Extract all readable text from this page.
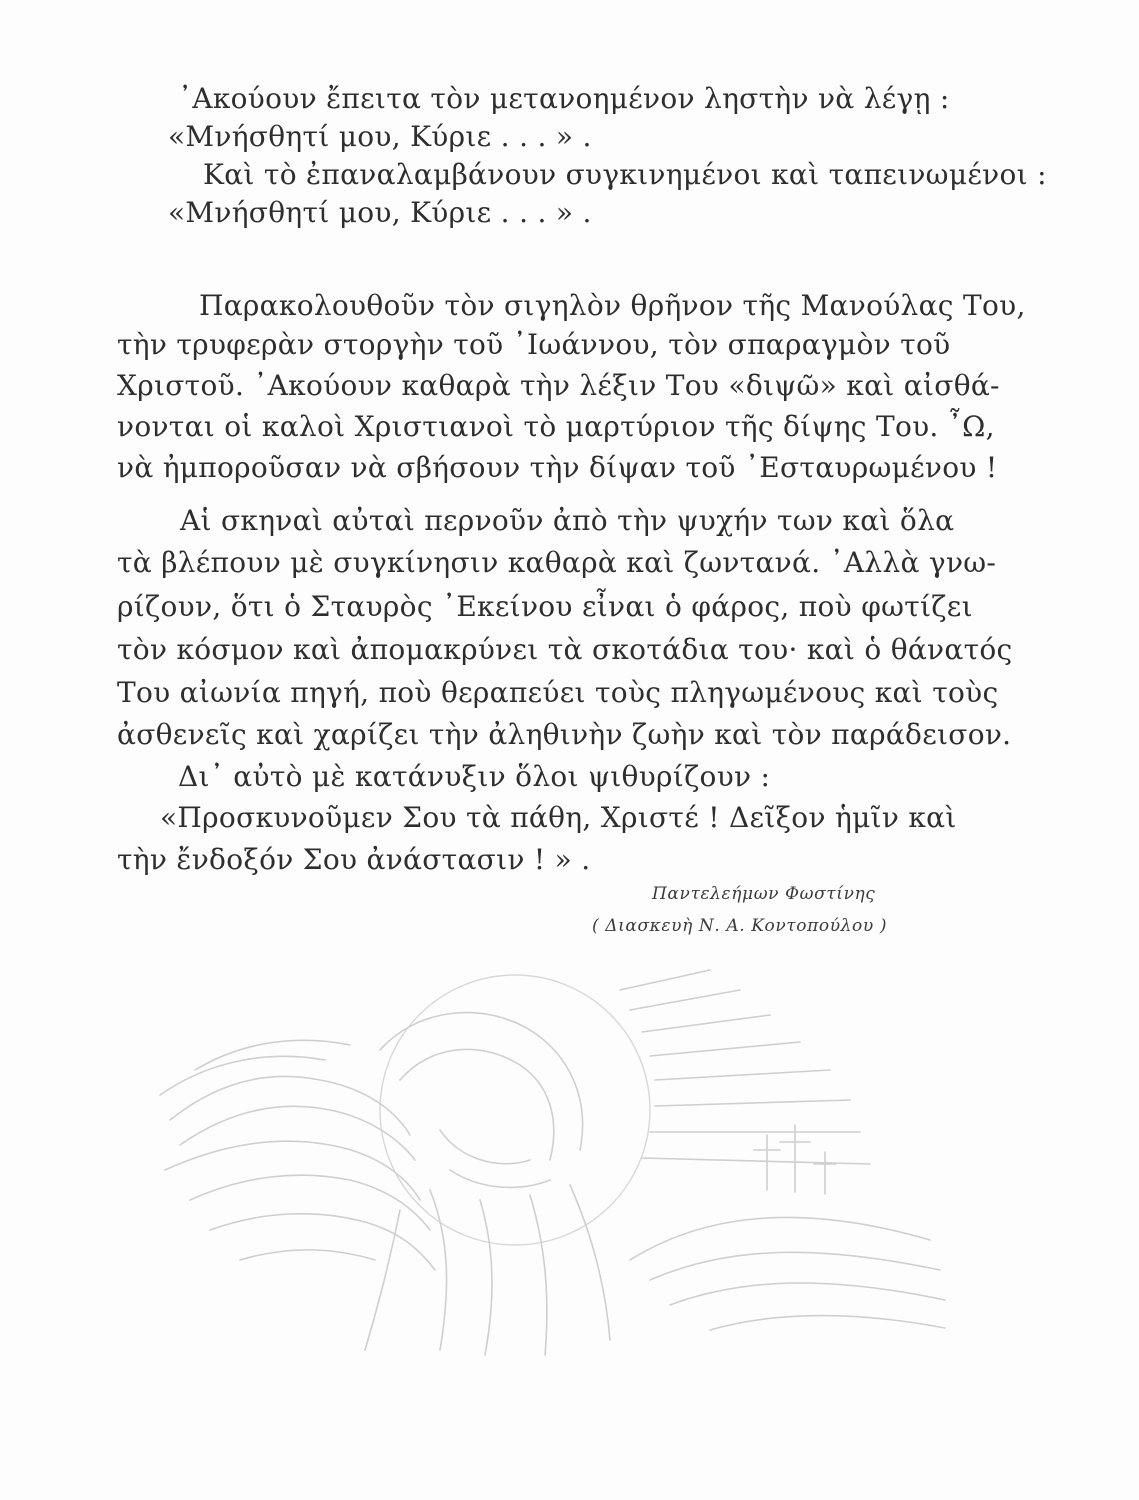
᾿Ακούουν ἔπειτα τὸν μετανοημένον ληστὴν νὰ λέγῃ :
«Μνήσθητί μου, Κύριε . . . » .
Καὶ τὸ ἐπαναλαμβάνουν συγκινημένοι καὶ ταπεινωμένοι :
«Μνήσθητί μου, Κύριε . . . » .
Παρακολουθοῦν τὸν σιγηλὸν θρῆνον τῆς Μανούλας Του,
τὴν τρυφερὰν στοργὴν τοῦ ᾿Ιωάννου, τὸν σπαραγμὸν τοῦ
Χριστοῦ. ᾿Ακούουν καθαρὰ τὴν λέξιν Του «διψῶ» καὶ αἰσθά-
νονται οἱ καλοὶ Χριστιανοὶ τὸ μαρτύριον τῆς δίψης Του. ῏Ω,
νὰ ἠμποροῦσαν νὰ σβήσουν τὴν δίψαν τοῦ ᾿Εσταυρωμένου !
Αἱ σκηναὶ αὐταὶ περνοῦν ἀπὸ τὴν ψυχήν των καὶ ὅλα
τὰ βλέπουν μὲ συγκίνησιν καθαρὰ καὶ ζωντανά. ᾿Αλλὰ γνω-
ρίζουν, ὅτι ὁ Σταυρὸς ᾿Εκείνου εἶναι ὁ φάρος, ποὺ φωτίζει
τὸν κόσμον καὶ ἀπομακρύνει τὰ σκοτάδια του· καὶ ὁ θάνατός
Του αἰωνία πηγή, ποὺ θεραπεύει τοὺς πληγωμένους καὶ τοὺς
ἀσθενεῖς καὶ χαρίζει τὴν ἀληθινὴν ζωὴν καὶ τὸν παράδεισον.
Δι᾿ αὐτὸ μὲ κατάνυξιν ὅλοι ψιθυρίζουν :
«Προσκυνοῦμεν Σου τὰ πάθη, Χριστέ ! Δεῖξον ἡμῖν καὶ
τὴν ἔνδοξόν Σου ἀνάστασιν ! » .
Παντελεήμων Φωστίνης
( Διασκευὴ Ν. Α. Κοντοπούλου )
